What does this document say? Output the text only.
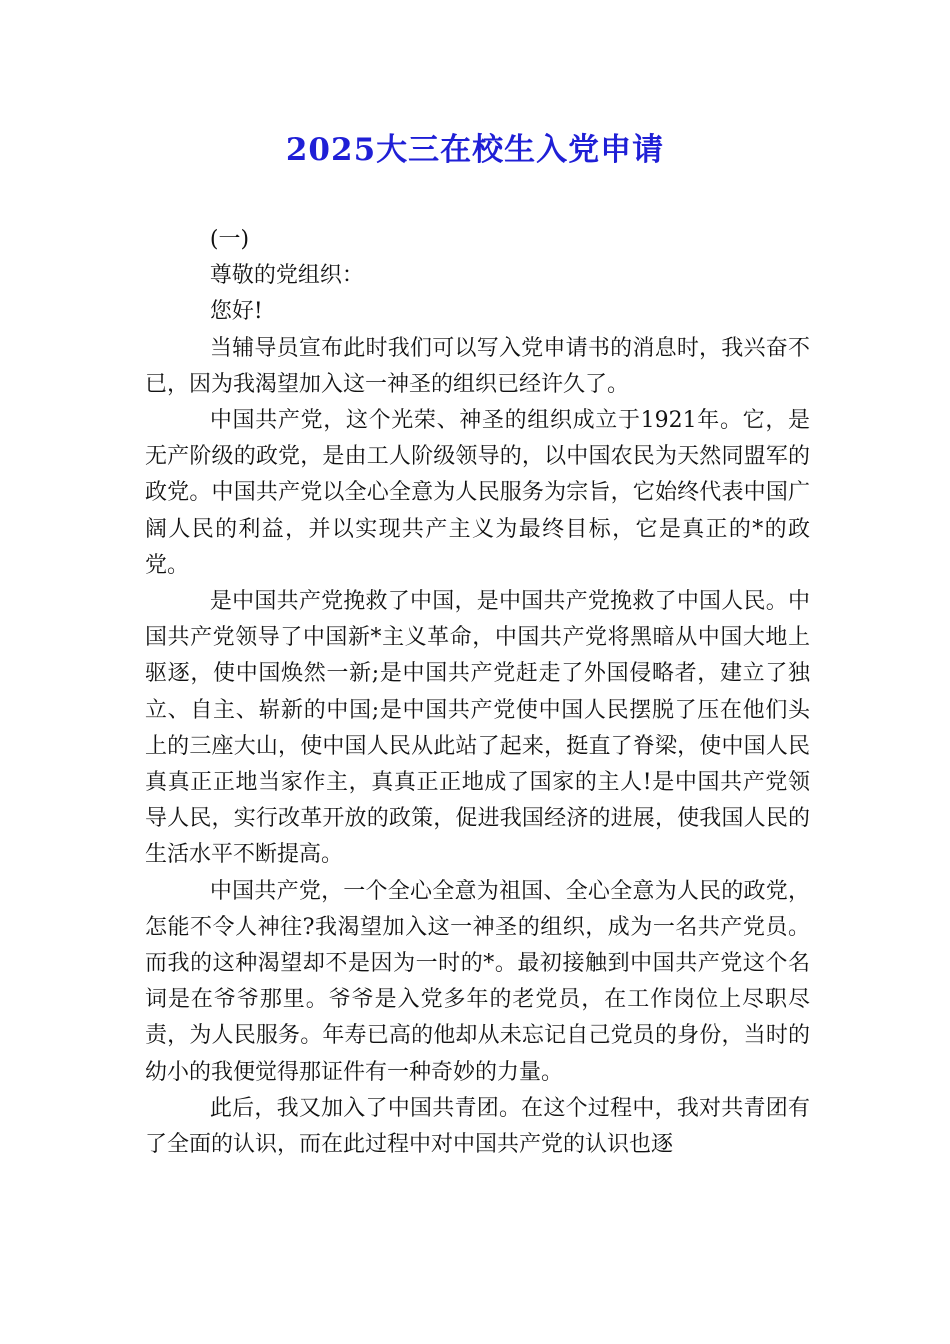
2025大三在校生入党申请

(一)

尊敬的党组织：

您好!

当辅导员宣布此时我们可以写入党申请书的消息时，我兴奋不已，因为我渴望加入这一神圣的组织已经许久了。

中国共产党，这个光荣、神圣的组织成立于1921年。它，是无产阶级的政党，是由工人阶级领导的，以中国农民为天然同盟军的政党。中国共产党以全心全意为人民服务为宗旨，它始终代表中国广阔人民的利益，并以实现共产主义为最终目标，它是真正的*的政党。

是中国共产党挽救了中国，是中国共产党挽救了中国人民。中国共产党领导了中国新*主义革命，中国共产党将黑暗从中国大地上驱逐，使中国焕然一新;是中国共产党赶走了外国侵略者，建立了独立、自主、崭新的中国;是中国共产党使中国人民摆脱了压在他们头上的三座大山，使中国人民从此站了起来，挺直了脊梁，使中国人民真真正正地当家作主，真真正正地成了国家的主人!是中国共产党领导人民，实行改革开放的政策，促进我国经济的进展，使我国人民的生活水平不断提高。

中国共产党，一个全心全意为祖国、全心全意为人民的政党，怎能不令人神往?我渴望加入这一神圣的组织，成为一名共产党员。而我的这种渴望却不是因为一时的*。最初接触到中国共产党这个名词是在爷爷那里。爷爷是入党多年的老党员，在工作岗位上尽职尽责，为人民服务。年寿已高的他却从未忘记自己党员的身份，当时的幼小的我便觉得那证件有一种奇妙的力量。

此后，我又加入了中国共青团。在这个过程中，我对共青团有了全面的认识，而在此过程中对中国共产党的认识也逐
